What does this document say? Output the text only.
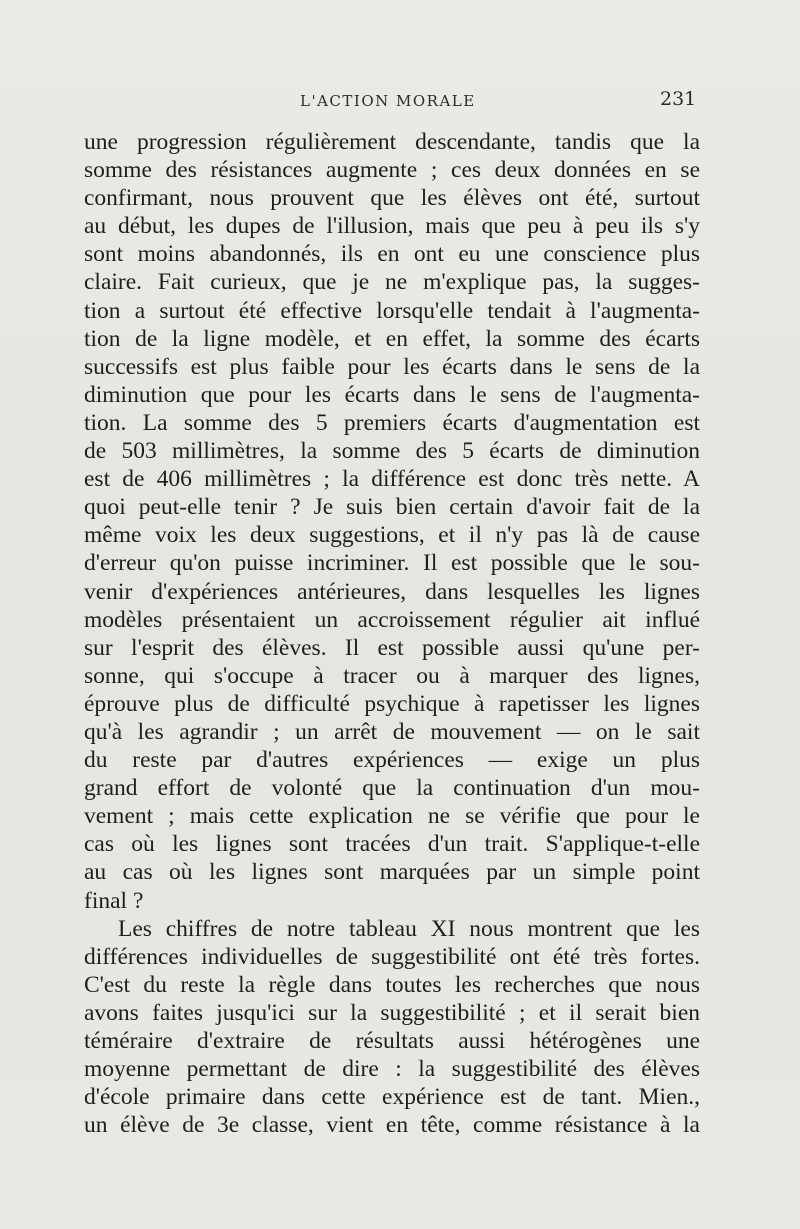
L'ACTION MORALE	231
une progression régulièrement descendante, tandis que la
somme des résistances augmente ; ces deux données en se
confirmant, nous prouvent que les élèves ont été, surtout
au début, les dupes de l'illusion, mais que peu à peu ils s'y
sont moins abandonnés, ils en ont eu une conscience plus
claire. Fait curieux, que je ne m'explique pas, la sugges-
tion a surtout été effective lorsqu'elle tendait à l'augmenta-
tion de la ligne modèle, et en effet, la somme des écarts
successifs est plus faible pour les écarts dans le sens de la
diminution que pour les écarts dans le sens de l'augmenta-
tion. La somme des 5 premiers écarts d'augmentation est
de 503 millimètres, la somme des 5 écarts de diminution
est de 406 millimètres ; la différence est donc très nette. A
quoi peut-elle tenir ? Je suis bien certain d'avoir fait de la
même voix les deux suggestions, et il n'y pas là de cause
d'erreur qu'on puisse incriminer. Il est possible que le sou-
venir d'expériences antérieures, dans lesquelles les lignes
modèles présentaient un accroissement régulier ait influé
sur l'esprit des élèves. Il est possible aussi qu'une per-
sonne, qui s'occupe à tracer ou à marquer des lignes,
éprouve plus de difficulté psychique à rapetisser les lignes
qu'à les agrandir ; un arrêt de mouvement — on le sait
du reste par d'autres expériences — exige un plus
grand effort de volonté que la continuation d'un mou-
vement ; mais cette explication ne se vérifie que pour le
cas où les lignes sont tracées d'un trait. S'applique-t-elle
au cas où les lignes sont marquées par un simple point
final ?
Les chiffres de notre tableau XI nous montrent que les
différences individuelles de suggestibilité ont été très fortes.
C'est du reste la règle dans toutes les recherches que nous
avons faites jusqu'ici sur la suggestibilité ; et il serait bien
téméraire d'extraire de résultats aussi hétérogènes une
moyenne permettant de dire : la suggestibilité des élèves
d'école primaire dans cette expérience est de tant. Mien.,
un élève de 3e classe, vient en tête, comme résistance à la
